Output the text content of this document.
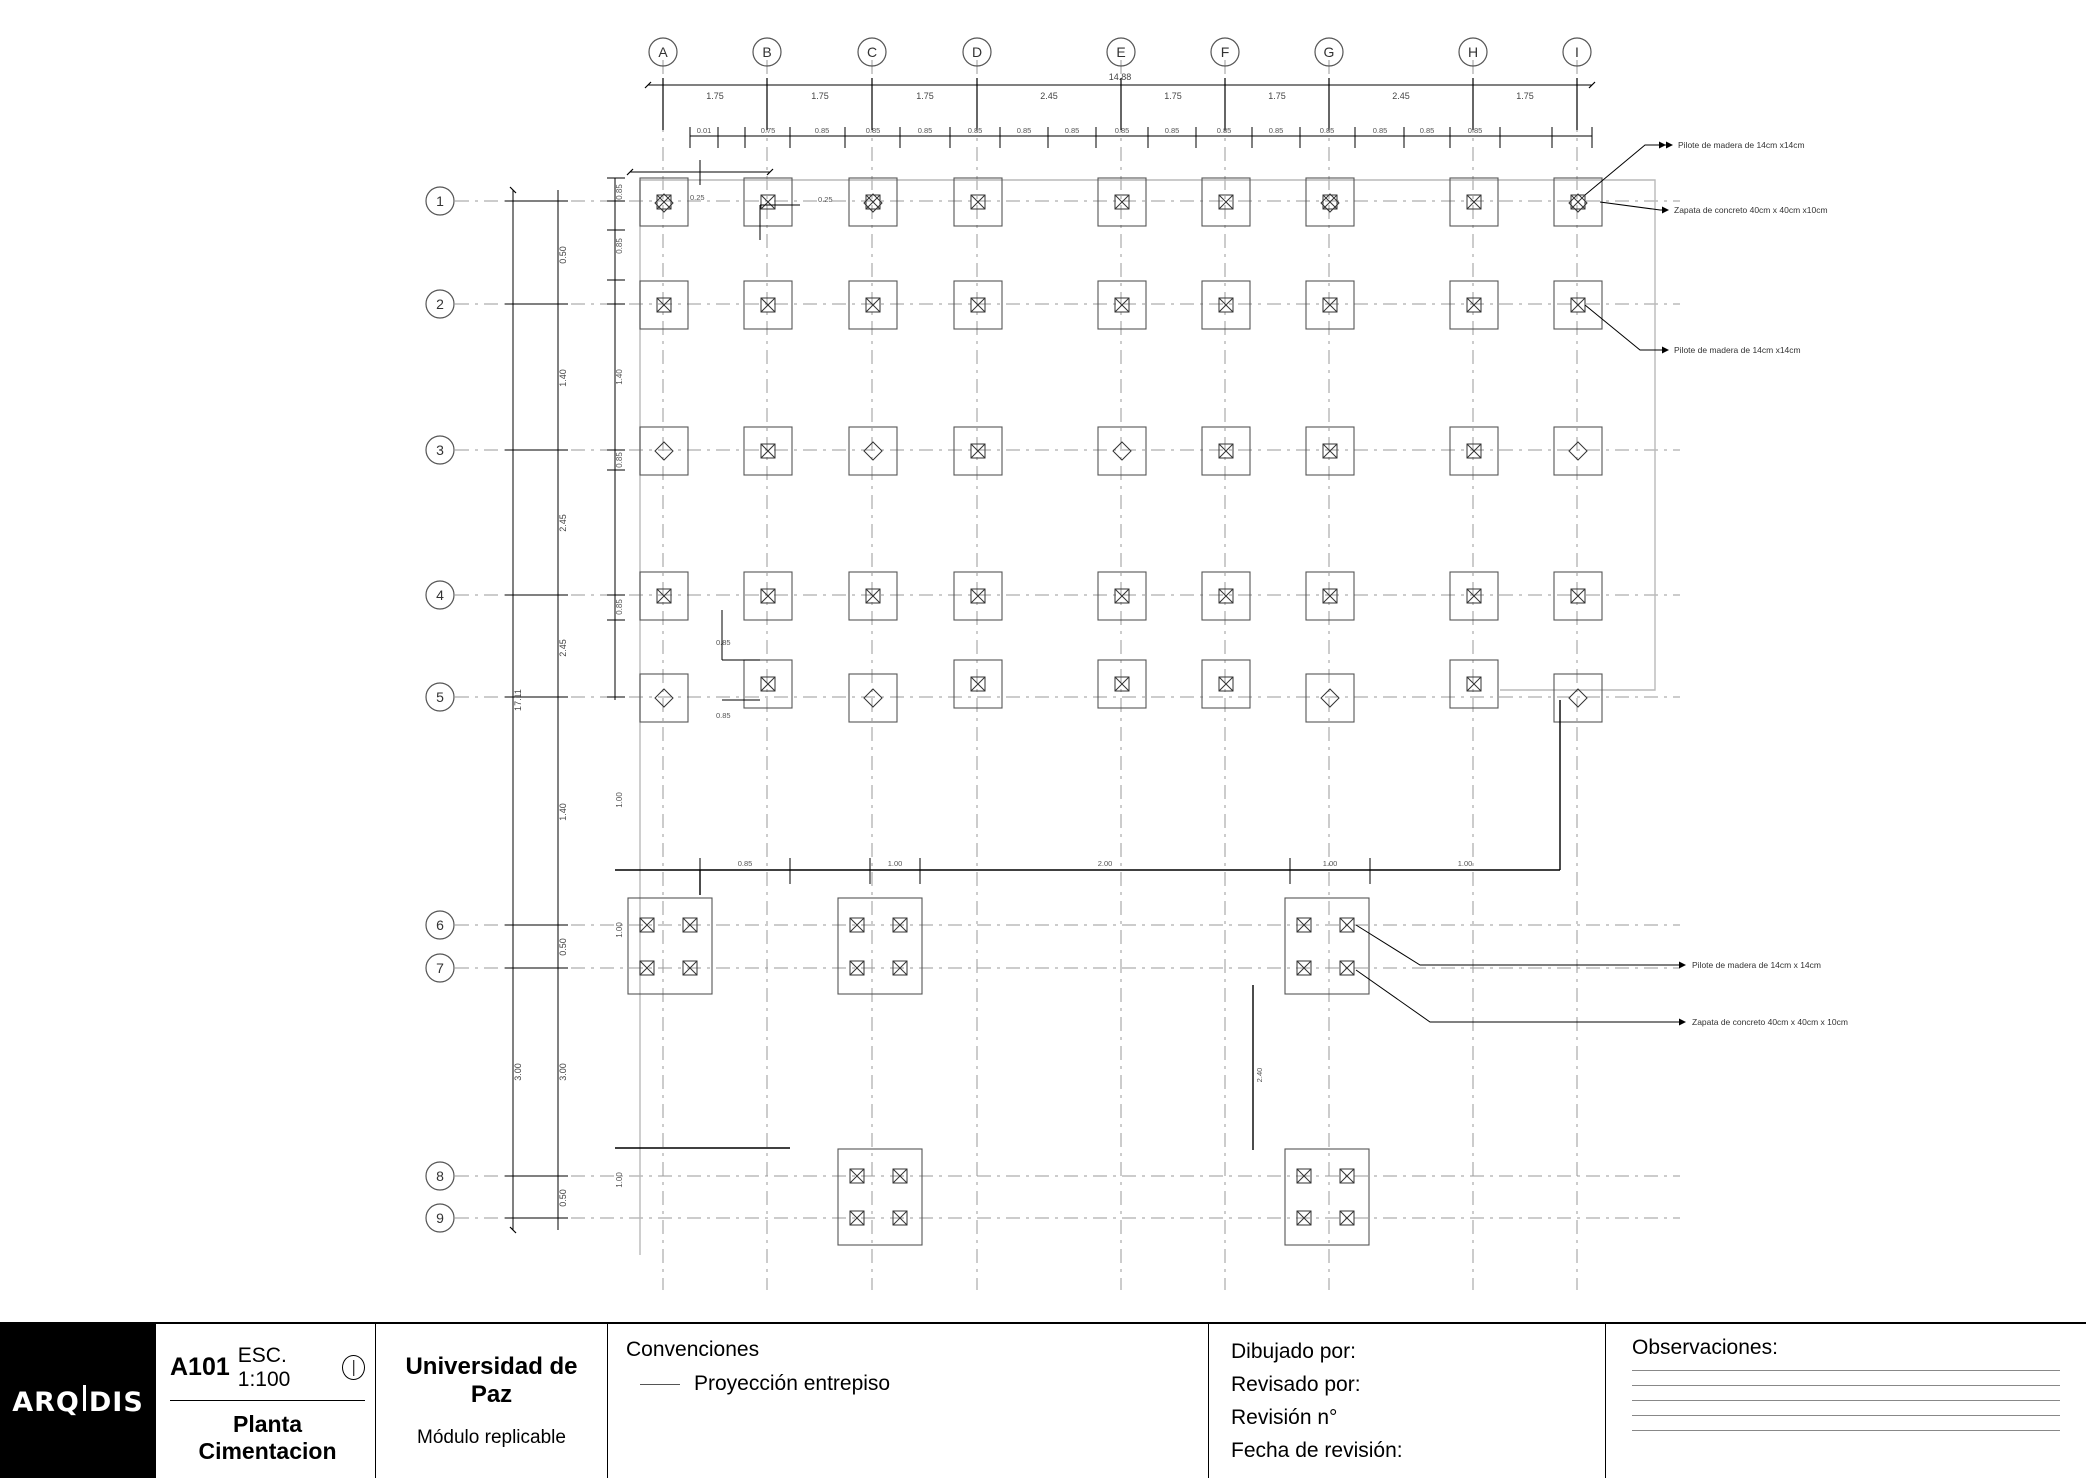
A	B	C	D	E	F	G	H	I
1
2
3
4
5
6
7
8
9
1.75	1.75	1.75	2.45	1.75	1.75	2.45	1.75
14.88
0.01	0.75	0.85	0.85	0.85	0.85	0.85	0.85	0.85	0.85	0.85	0.85	0.85	0.85	0.85	0.85
0.50
1.40
2.45
2.45
1.40
0.50
3.00
3.00
0.50
17.11
0.85
0.85
1.40
0.85
0.85
1.00
1.00
1.00
0.25	0.25
0.85
0.85
0.85	1.00	2.00	1.00	1.00
2.40
Pilote de madera de 14cm x14cm
Zapata de concreto 40cm x 40cm x10cm
Pilote de madera de 14cm x14cm
Pilote de madera de 14cm x 14cm
Zapata de concreto 40cm x 40cm x 10cm
ARQ DIS
A101 ESC. 1:100
Planta Cimentacion
Universidad de Paz
Módulo replicable
Convenciones
Proyección entrepiso
Dibujado por:
Revisado por:
Revisión n°
Fecha de revisión:
Observaciones:
